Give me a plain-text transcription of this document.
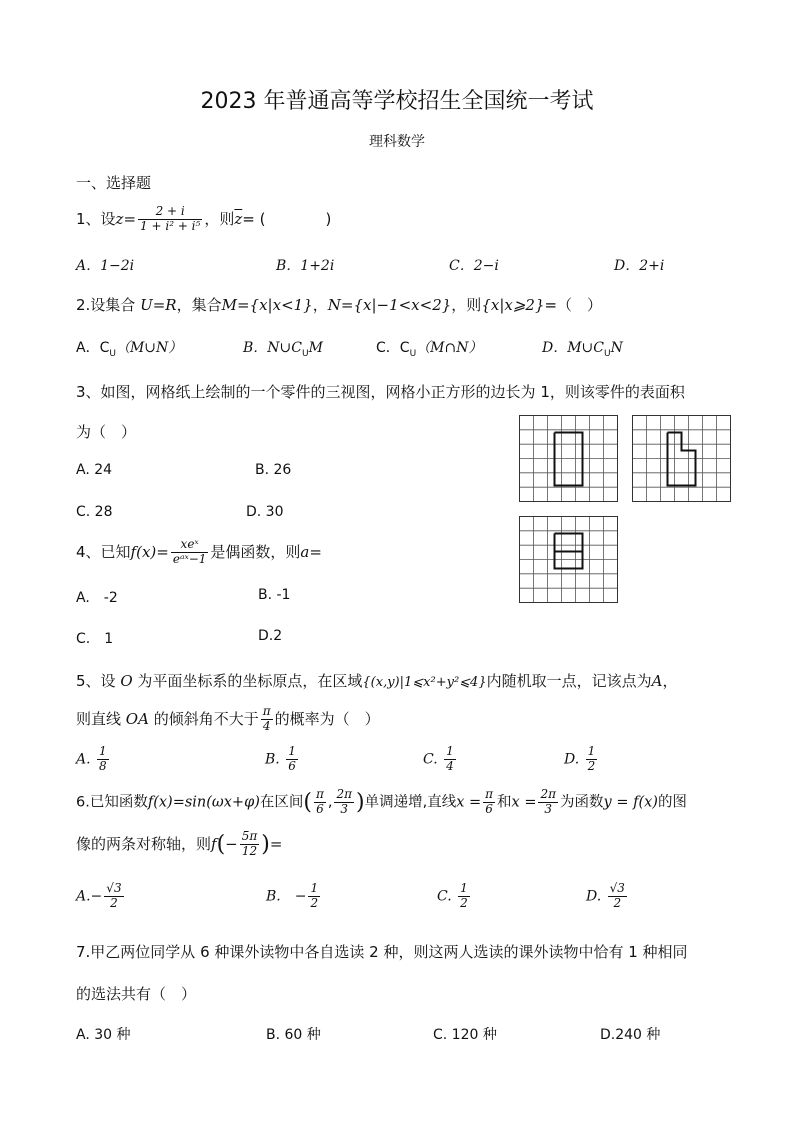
2023 年普通高等学校招生全国统一考试
理科数学
一、选择题
1、设$z= \frac{2 + i}{\text{1 + i² + i⁵}}$ ，则$\overline{z}=$ (　　　　)
A．1−2i	B．1+2i	C．2−i	D．2+i
2.设集合 U=R，集合M={x|x<1}，N={x|−1<x<2}，则{x|x⩾2}=（　）
A．$C_U(M\cup N)$	B．$N\cup C_UM$	C．$C_U(M\cap N)$	D．$M\cup C_UN$
3、如图，网格纸上绘制的一个零件的三视图，网格小正方形的边长为 1，则该零件的表面积
为（　）
A. 24	B. 26
C. 28	D. 30
4、已知$f(x)= \frac{\text{xeˣ}}{\text{eᵃˣ−1}}$ 是偶函数，则a=
A.　-2	B. -1
C.　1	D.2
5、设 O 为平面坐标系的坐标原点，在区域{(x,y)|1⩽x²+y²⩽4}内随机取一点，记该点为A，
则直线 OA 的倾斜角不大于 $\frac{\pi}{4}$ 的概率为（　）
A. $\frac{1}{8}$	B. $\frac{1}{6}$	C. $\frac{1}{4}$	D. $\frac{1}{2}$
6.已知函数f(x)=sin(ωx+φ)在区间( $\frac{\pi}{6}$ , $\frac{2\pi}{3}$ )单调递增,直线$x = \frac{\pi}{6}$ 和$x = \frac{2\pi}{3}$ 为函数y = f(x)的图
像的两条对称轴，则$f(- \frac{5\pi}{12}$ )=
$A.- \frac{√3}{2}$	B.　− $\frac{1}{2}$	C. $\frac{1}{2}$	D. $\frac{√3}{2}$
7.甲乙两位同学从 6 种课外读物中各自选读 2 种，则这两人选读的课外读物中恰有 1 种相同
的选法共有（　）
A. 30 种	B. 60 种	C. 120 种	D.240 种
